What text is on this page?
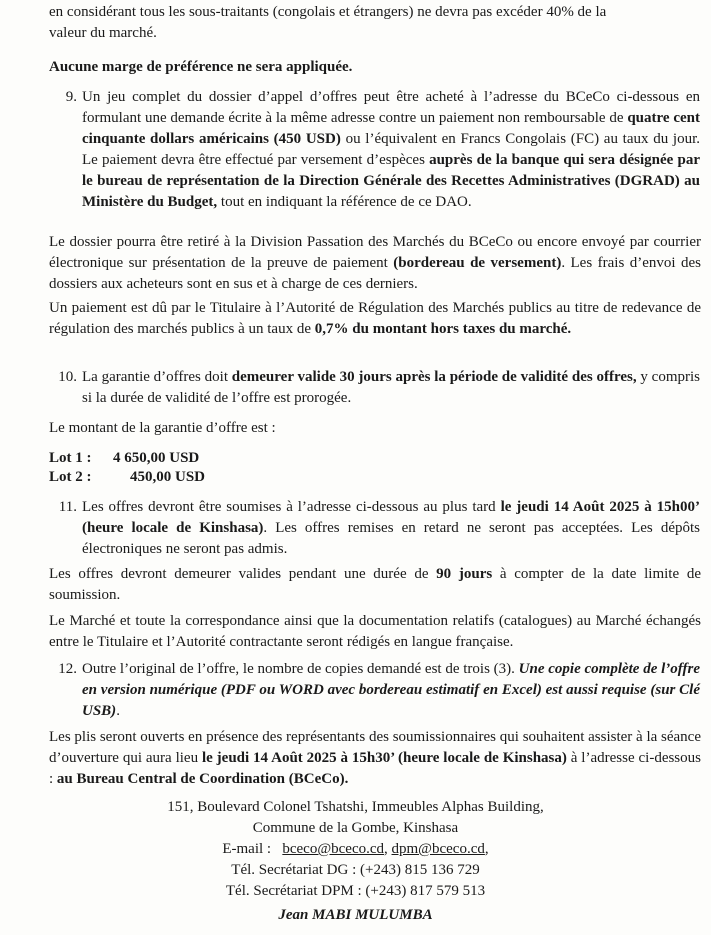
en considérant tous les sous-traitants (congolais et étrangers) ne devra pas excéder 40% de la
valeur du marché.
Aucune marge de préférence ne sera appliquée.
9. Un jeu complet du dossier d’appel d’offres peut être acheté à l’adresse du BCeCo ci-dessous en formulant une demande écrite à la même adresse contre un paiement non remboursable de quatre cent cinquante dollars américains (450 USD) ou l’équivalent en Francs Congolais (FC) au taux du jour. Le paiement devra être effectué par versement d’espèces auprès de la banque qui sera désignée par le bureau de représentation de la Direction Générale des Recettes Administratives (DGRAD) au Ministère du Budget, tout en indiquant la référence de ce DAO.

Le dossier pourra être retiré à la Division Passation des Marchés du BCeCo ou encore envoyé par courrier électronique sur présentation de la preuve de paiement (bordereau de versement). Les frais d’envoi des dossiers aux acheteurs sont en sus et à charge de ces derniers.

Un paiement est dû par le Titulaire à l’Autorité de Régulation des Marchés publics au titre de redevance de régulation des marchés publics à un taux de 0,7% du montant hors taxes du marché.

10. La garantie d’offres doit demeurer valide 30 jours après la période de validité des offres, y compris si la durée de validité de l’offre est prorogée.

Le montant de la garantie d’offre est :
Lot 1 : 4 650,00 USD
Lot 2 :	450,00 USD
11. Les offres devront être soumises à l’adresse ci-dessous au plus tard le jeudi 14 Août 2025 à 15h00’ (heure locale de Kinshasa). Les offres remises en retard ne seront pas acceptées. Les dépôts électroniques ne seront pas admis.

Les offres devront demeurer valides pendant une durée de 90 jours à compter de la date limite de soumission.

Le Marché et toute la correspondance ainsi que la documentation relatifs (catalogues) au Marché échangés entre le Titulaire et l’Autorité contractante seront rédigés en langue française.
12. Outre l’original de l’offre, le nombre de copies demandé est de trois (3). Une copie complète de l’offre en version numérique (PDF ou WORD avec bordereau estimatif en Excel) est aussi requise (sur Clé USB).

Les plis seront ouverts en présence des représentants des soumissionnaires qui souhaitent assister à la séance d’ouverture qui aura lieu le jeudi 14 Août 2025 à 15h30’ (heure locale de Kinshasa) à l’adresse ci-dessous : au Bureau Central de Coordination (BCeCo).

151, Boulevard Colonel Tshatshi, Immeubles Alphas Building,
Commune de la Gombe, Kinshasa
E-mail : bceco@bceco.cd, dpm@bceco.cd,
Tél. Secrétariat DG : (+243) 815 136 729
Tél. Secrétariat DPM : (+243) 817 579 513
Jean MABI MULUMBA
